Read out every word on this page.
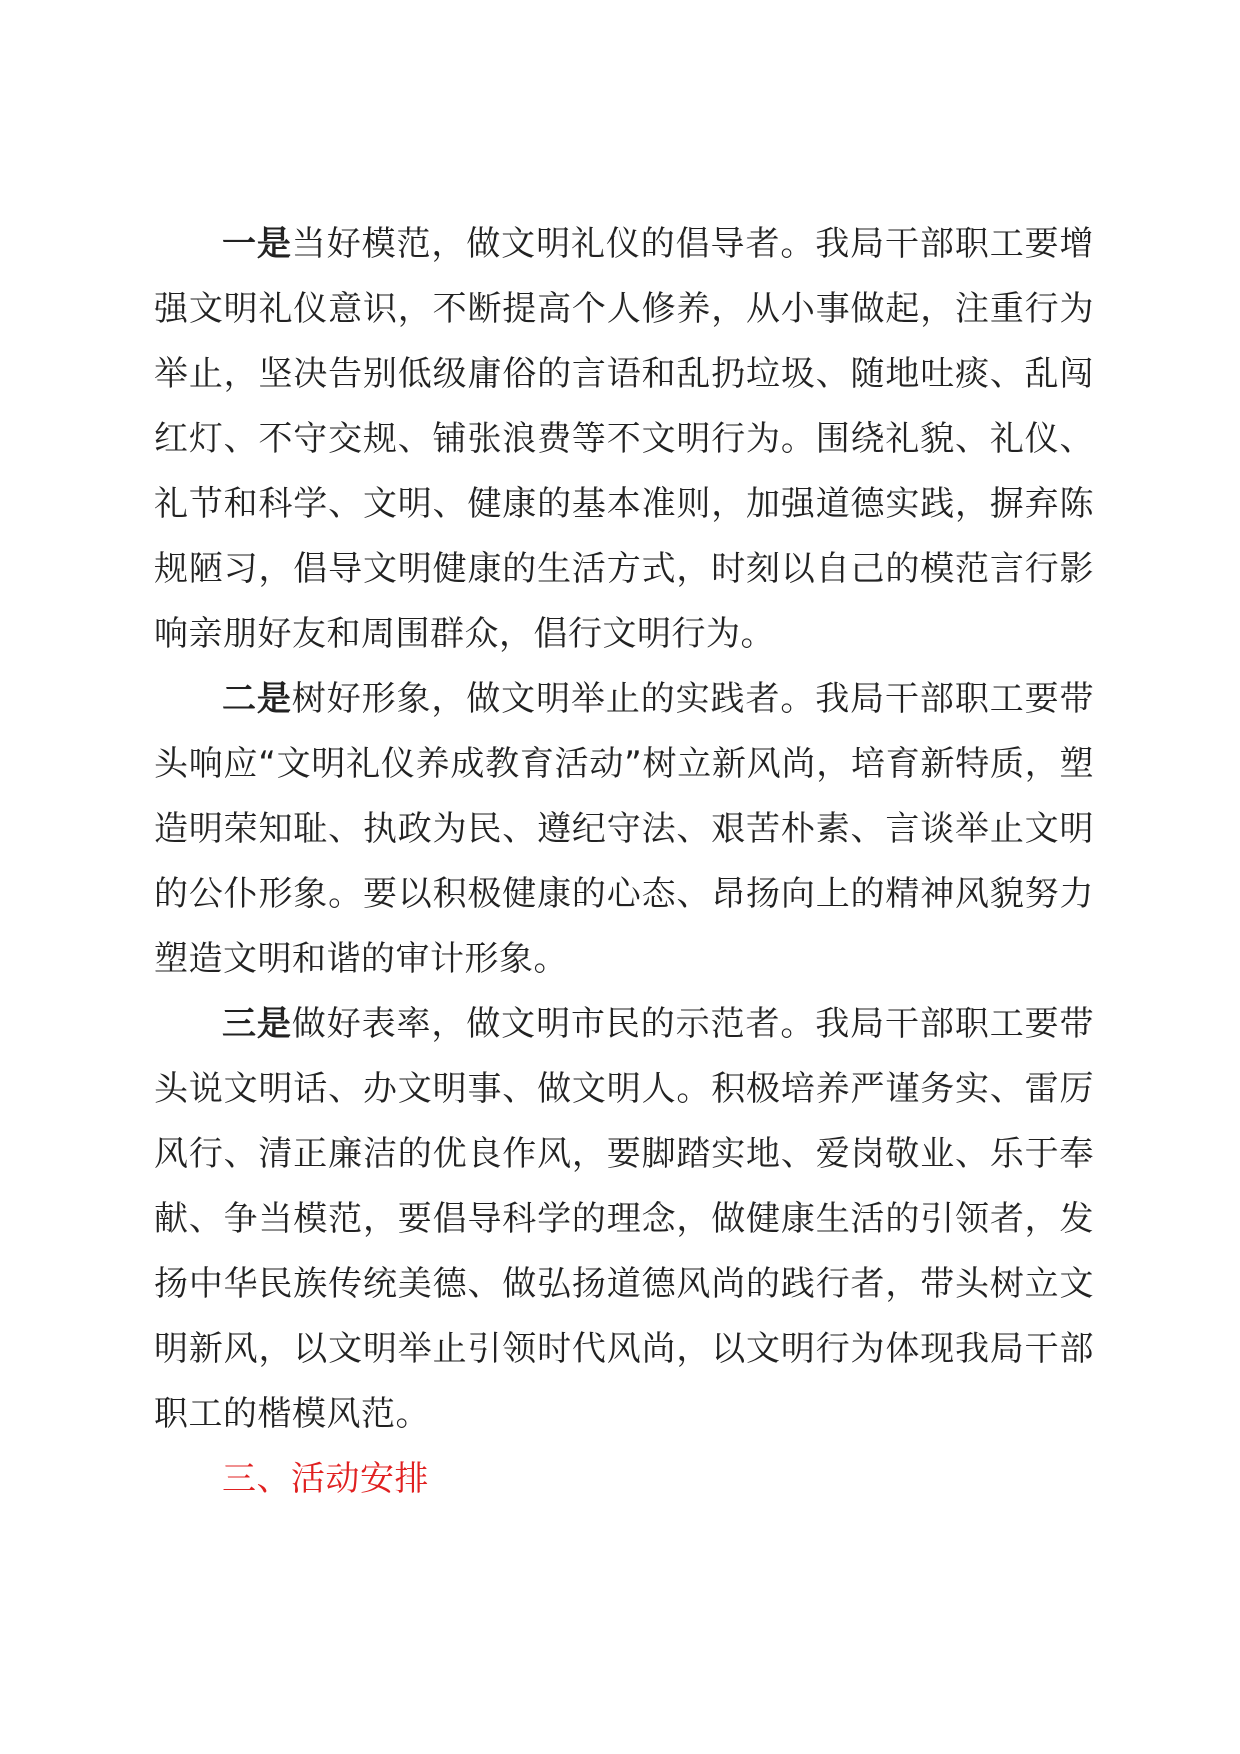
一是当好模范，做文明礼仪的倡导者。我局干部职工要增强文明礼仪意识，不断提高个人修养，从小事做起，注重行为举止，坚决告别低级庸俗的言语和乱扔垃圾、随地吐痰、乱闯红灯、不守交规、铺张浪费等不文明行为。围绕礼貌、礼仪、礼节和科学、文明、健康的基本准则，加强道德实践，摒弃陈规陋习，倡导文明健康的生活方式，时刻以自己的模范言行影响亲朋好友和周围群众，倡行文明行为。

二是树好形象，做文明举止的实践者。我局干部职工要带头响应“文明礼仪养成教育活动”树立新风尚，培育新特质，塑造明荣知耻、执政为民、遵纪守法、艰苦朴素、言谈举止文明的公仆形象。要以积极健康的心态、昂扬向上的精神风貌努力塑造文明和谐的审计形象。

三是做好表率，做文明市民的示范者。我局干部职工要带头说文明话、办文明事、做文明人。积极培养严谨务实、雷厉风行、清正廉洁的优良作风，要脚踏实地、爱岗敬业、乐于奉献、争当模范，要倡导科学的理念，做健康生活的引领者，发扬中华民族传统美德、做弘扬道德风尚的践行者，带头树立文明新风，以文明举止引领时代风尚，以文明行为体现我局干部职工的楷模风范。

三、活动安排
